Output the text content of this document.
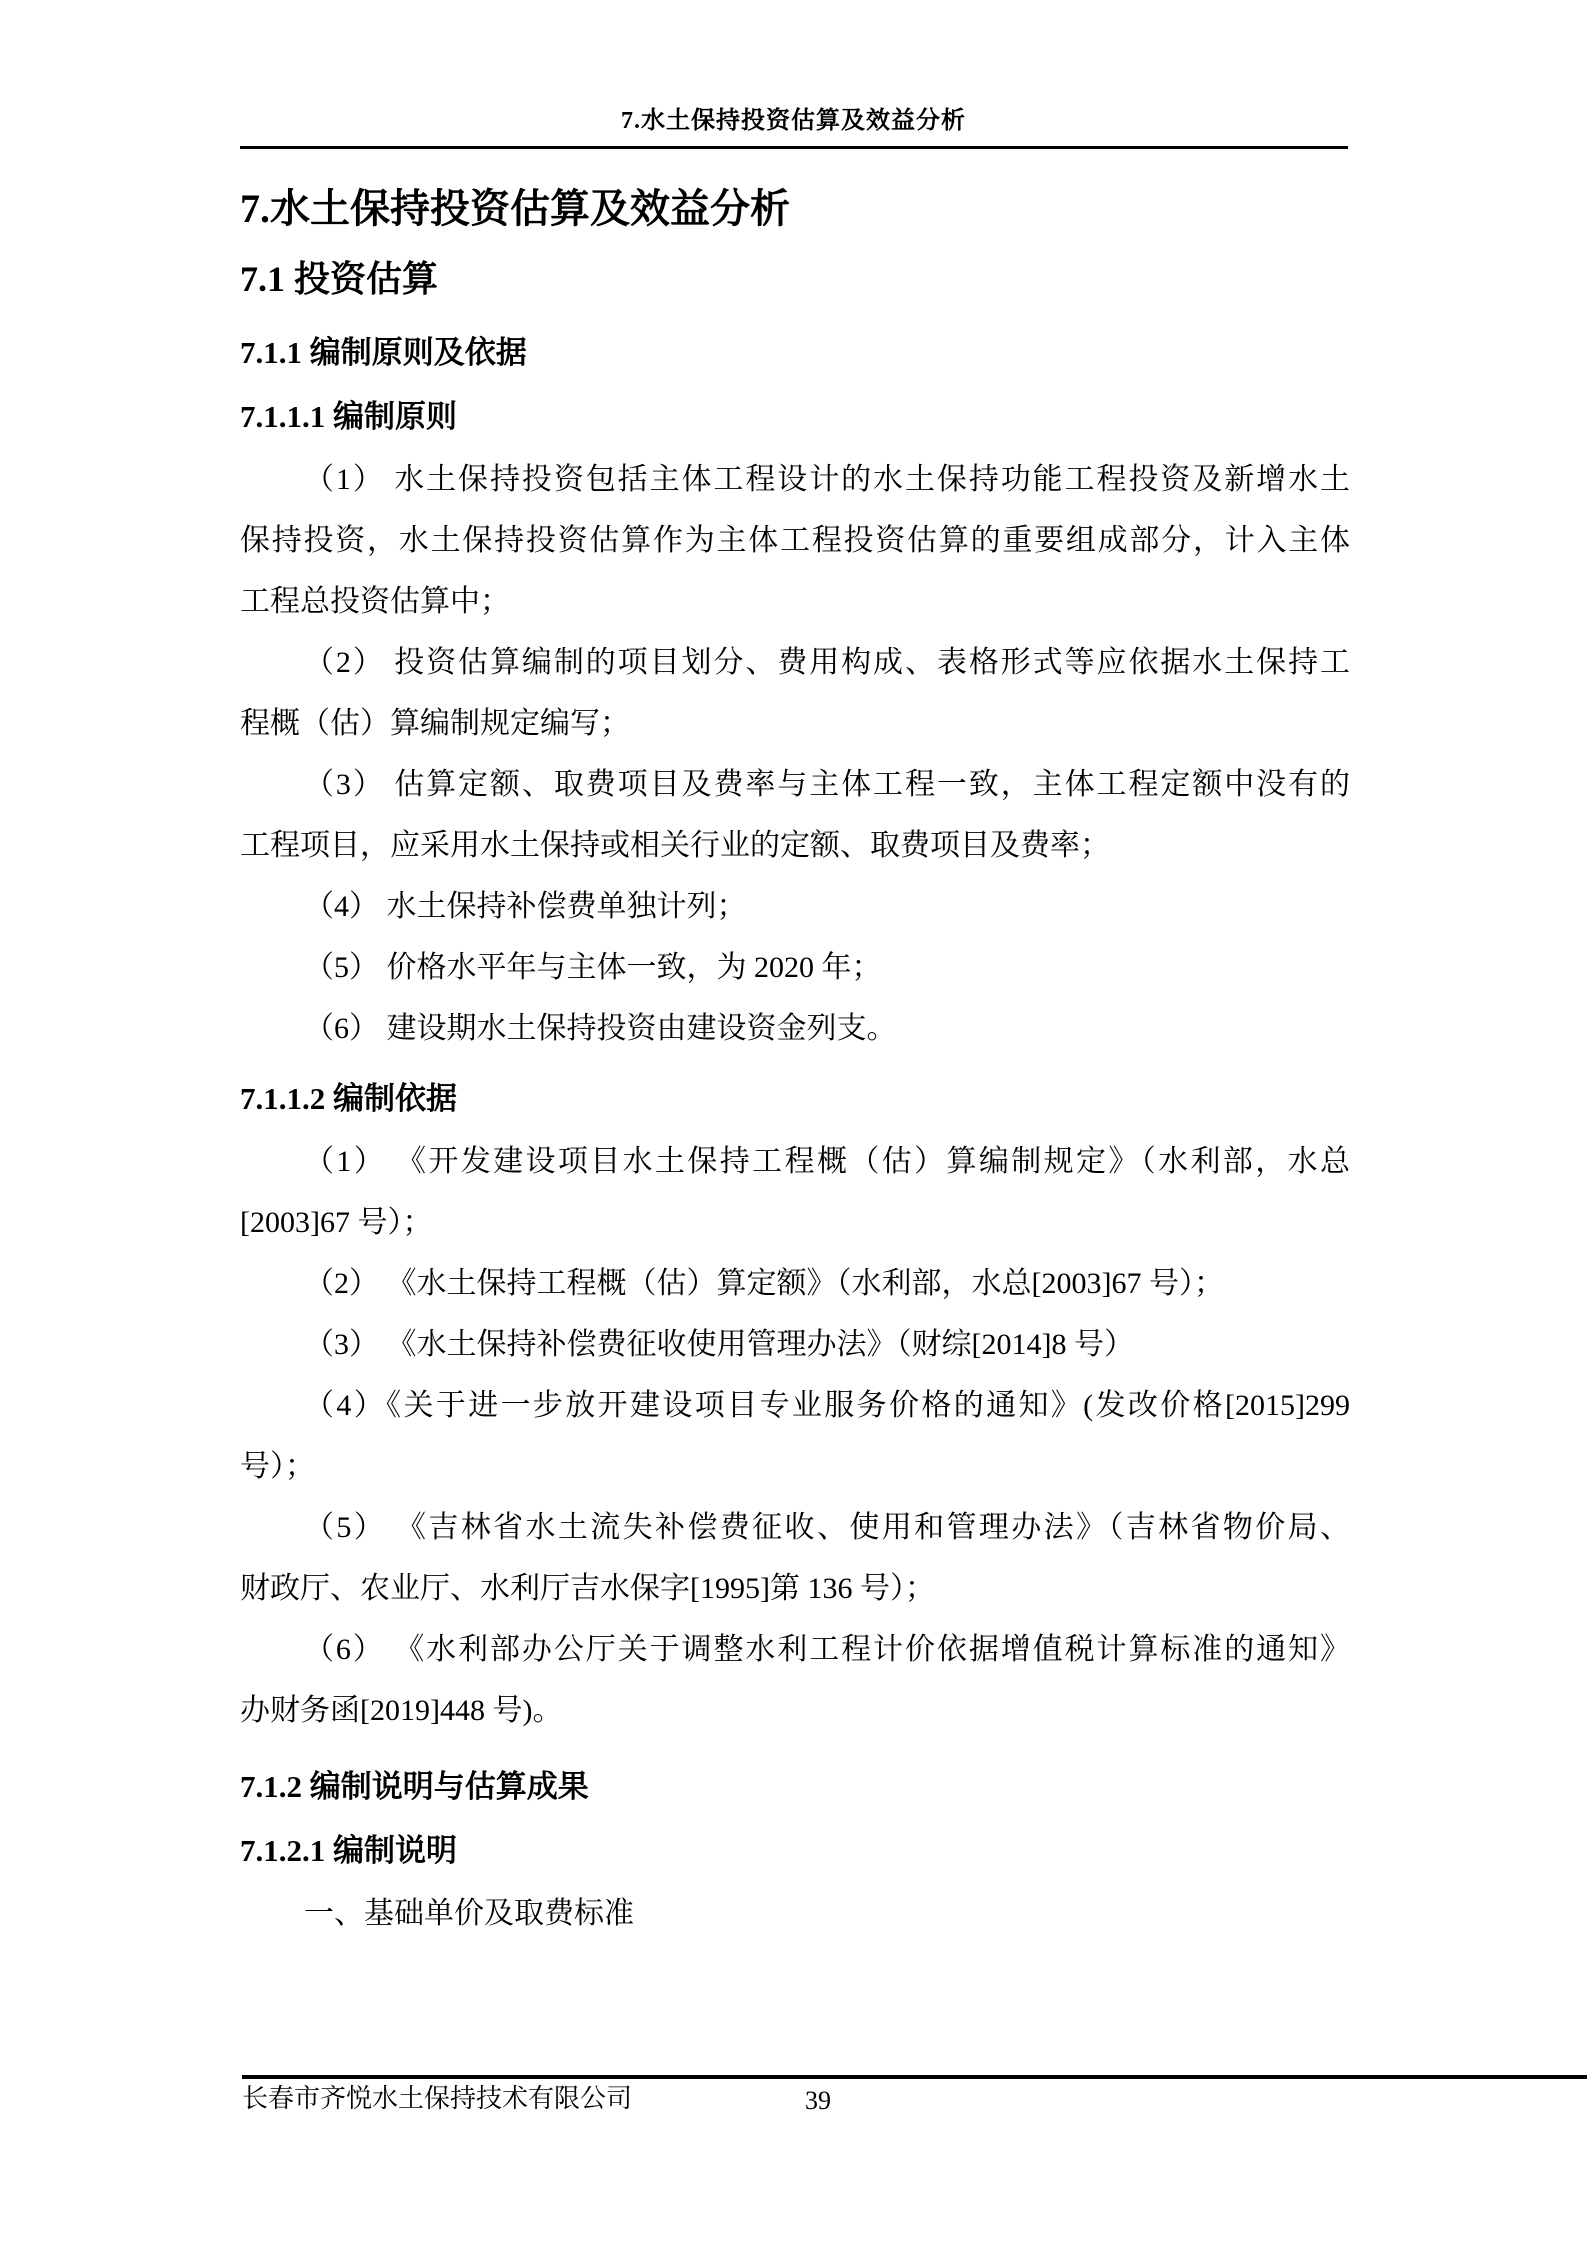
7.水土保持投资估算及效益分析
7.水土保持投资估算及效益分析
7.1 投资估算
7.1.1 编制原则及依据
7.1.1.1 编制原则
（1） 水土保持投资包括主体工程设计的水土保持功能工程投资及新增水土
保持投资，水土保持投资估算作为主体工程投资估算的重要组成部分，计入主体
工程总投资估算中；
（2） 投资估算编制的项目划分、费用构成、表格形式等应依据水土保持工
程概（估）算编制规定编写；
（3） 估算定额、取费项目及费率与主体工程一致，主体工程定额中没有的
工程项目，应采用水土保持或相关行业的定额、取费项目及费率；
（4） 水土保持补偿费单独计列；
（5） 价格水平年与主体一致，为 2020 年；
（6） 建设期水土保持投资由建设资金列支。
7.1.1.2 编制依据
（1） 《开发建设项目水土保持工程概（估）算编制规定》（水利部，水总
[2003]67 号）；
（2） 《水土保持工程概（估）算定额》（水利部，水总[2003]67 号）；
（3） 《水土保持补偿费征收使用管理办法》（财综[2014]8 号）
（4）《关于进一步放开建设项目专业服务价格的通知》(发改价格[2015]299
号）；
（5） 《吉林省水土流失补偿费征收、使用和管理办法》（吉林省物价局、
财政厅、农业厅、水利厅吉水保字[1995]第 136 号）；
（6） 《水利部办公厅关于调整水利工程计价依据增值税计算标准的通知》
办财务函[2019]448 号)。
7.1.2 编制说明与估算成果
7.1.2.1 编制说明
一、基础单价及取费标准
长春市齐悦水土保持技术有限公司	39
